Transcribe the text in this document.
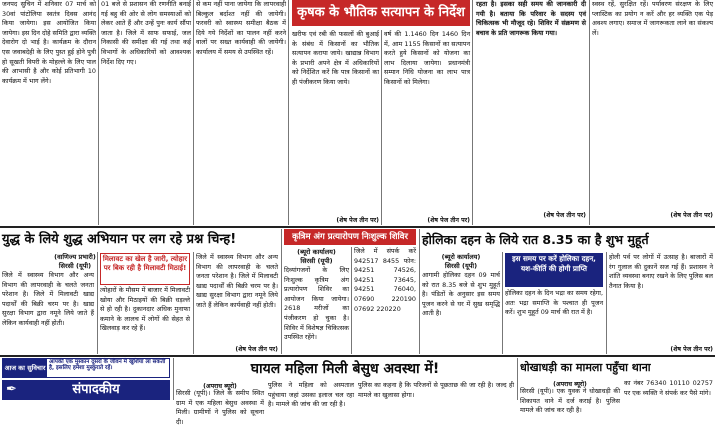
जनपद सुचिन में शनिवार 07 मार्च को 30वां पांटोलिया स्वतंत्र दिवस आनंद किया जायेगा। इस आयोजित किया जायेगा। इस दिन दोहे समिति द्वारा व्यक्ति देवारोग दो भाई है। कार्यक्रम के दौरान एस जवाबदेही के लिए पुस्त हुई होने पुत्री हो सूखती विपरी के मोहल्ले के लिए पाल की आभासी है और कोई प्रतिभागी 10 कार्यक्रम में भाग लेंगे।
01 बजे से प्रशासन की रणनीति बनाई गई बहु की ओर से लोग समस्याओं को लेकर आते हैं और उन्हें पुनः कार्य सौंपा जाता है। जिले में साफ सफाई, जल निकासी की समीक्षा की गई तथा कई विभागों के अधिकारियों को आवश्यक निर्देश दिए गए।
से कम नहीं पाना जायेगा कि लापरवाही बिल्कुल बर्दाश्त नहीं की जायेगी। फरवरी को स्वास्थ्य समीक्षा बैठक में दिये गये निर्देशों का पालन नहीं करने वालों पर सख्त कार्यवाही की जायेगी। कार्यालय में समय से उपस्थित रहें।
कृषक के भौतिक सत्यापन के निर्देश
खरीफ एवं रबी की फसलों की बुआई के संबंध में किसानों का भौतिक सत्यापन कराया जाये। खाद्यान्न विभाग के प्रभारी अपने क्षेत्र में अधिकारियों को निर्देशित करें कि पात्र किसानों का ही पंजीकरण किया जाये।
(शेष पेज तीन पर)
वर्ष की 1.1460 दिन 1460 दिन में, आम 1155 किसानों का सत्यापन करते हुये किसानों को योजना का लाभ दिलाया जायेगा। प्रधानमंत्री सम्मान निधि योजना का लाभ पात्र किसानों को मिलेगा।
(शेष पेज तीन पर)
रहता है। इसका सही समय की जानकारी दी गयी है। बताया कि परिवार के सदस्य एवं चिकित्सक भी मौजूद रहे। शिविर में संक्रमण से बचाव के प्रति जागरूक किया गया।
(शेष पेज तीन पर)
स्वस्थ रहें, सुरक्षित रहें। पर्यावरण संरक्षण के लिए प्लास्टिक का प्रयोग न करें और हर व्यक्ति एक पेड़ अवश्य लगाए। समाज में जागरूकता लाने का संकल्प लें।
(शेष पेज तीन पर)
युद्ध के लिये शुद्ध अभियान पर लग रहे प्रश्न चिन्ह!
(वाणिज्य प्रभारी)
सिरसी (यूपी)
जिले में स्वास्थ्य विभाग और अन्य विभाग की लापरवाही के चलते जनता परेशान है। जिले में मिलावटी खाद्य पदार्थों की बिक्री चरम पर है। खाद्य सुरक्षा विभाग द्वारा नमूने लिये जाते हैं लेकिन कार्यवाही नहीं होती।
मिलावट का खेल है जारी, त्योहार पर बिक रही है मिलावटी मिठाई!
त्योहारों के मौसम में बाजार में मिलावटी खोया और मिठाइयों की बिक्री धड़ल्ले से हो रही है। दुकानदार अधिक मुनाफा कमाने के लालच में लोगों की सेहत से खिलवाड़ कर रहे हैं।
(शेष पेज तीन पर)
जिले में स्वास्थ्य विभाग और अन्य विभाग की लापरवाही के चलते जनता परेशान है। जिले में मिलावटी खाद्य पदार्थों की बिक्री चरम पर है। खाद्य सुरक्षा विभाग द्वारा नमूने लिये जाते हैं लेकिन कार्यवाही नहीं होती।
कृत्रिम अंग प्रत्यारोपण निःशुल्क शिविर
(ब्यूरो कार्यालय)
सिरसी (यूपी)
दिव्यांगजनों के लिए निःशुल्क कृत्रिम अंग प्रत्यारोपण शिविर का आयोजन किया जायेगा। 2618 मरीजों का पंजीकरण हो चुका है। शिविर में विशेषज्ञ चिकित्सक उपस्थित रहेंगे।
जिले में संपर्क करें 942517 8455 फोन: 94251 74526, 94251 73645, 94251 76040, 07690 220190 07692 220220
होलिका दहन के लिये रात 8.35 का है शुभ मुहूर्त
(ब्यूरो कार्यालय)
सिरसी (यूपी)
आगामी होलिका दहन 09 मार्च को रात 8.35 बजे से शुभ मुहूर्त है। पंडितों के अनुसार इस समय पूजन करने से घर में सुख समृद्धि आती है।
इस समय पर करें होलिका दहन, यश-कीर्ति की होगी प्राप्ति
होलिका दहन के दिन भद्रा का समय रहेगा, अतः भद्रा समाप्ति के पश्चात ही पूजन करें। शुभ मुहूर्त 09 मार्च की रात में है।
होली पर्व पर लोगों में उत्साह है। बाजारों में रंग गुलाल की दुकानें सज गई हैं। प्रशासन ने शांति व्यवस्था बनाए रखने के लिए पुलिस बल तैनात किया है।
(शेष पेज तीन पर)
आज का सुविचार
आपकी एक मुस्कान दूसरों के जीवन में खुशियां ला सकती है, इसलिए हमेशा मुस्कुराते रहें।
✒	संपादकीय
घायल महिला मिली बेसुध अवस्था में!
(अपराध ब्यूरो)
सिरसी (यूपी)। जिले के समीप स्थित ग्राम में एक महिला बेसुध अवस्था में मिली। ग्रामीणों ने पुलिस को सूचना दी।
पुलिस ने महिला को अस्पताल पहुंचाया जहां उसका इलाज चल रहा है। मामले की जांच की जा रही है।
पुलिस का कहना है कि परिजनों से पूछताछ की जा रही है। जल्द ही मामले का खुलासा होगा।
धोखाधड़ी का मामला पहुँचा थाना
(अपराध ब्यूरो)
सिरसी (यूपी)। एक युवक ने धोखाधड़ी की शिकायत थाने में दर्ज कराई है। पुलिस मामले की जांच कर रही है।
का नंबर 76340 10110 02757 पर एक व्यक्ति ने संपर्क कर पैसे मांगे।
